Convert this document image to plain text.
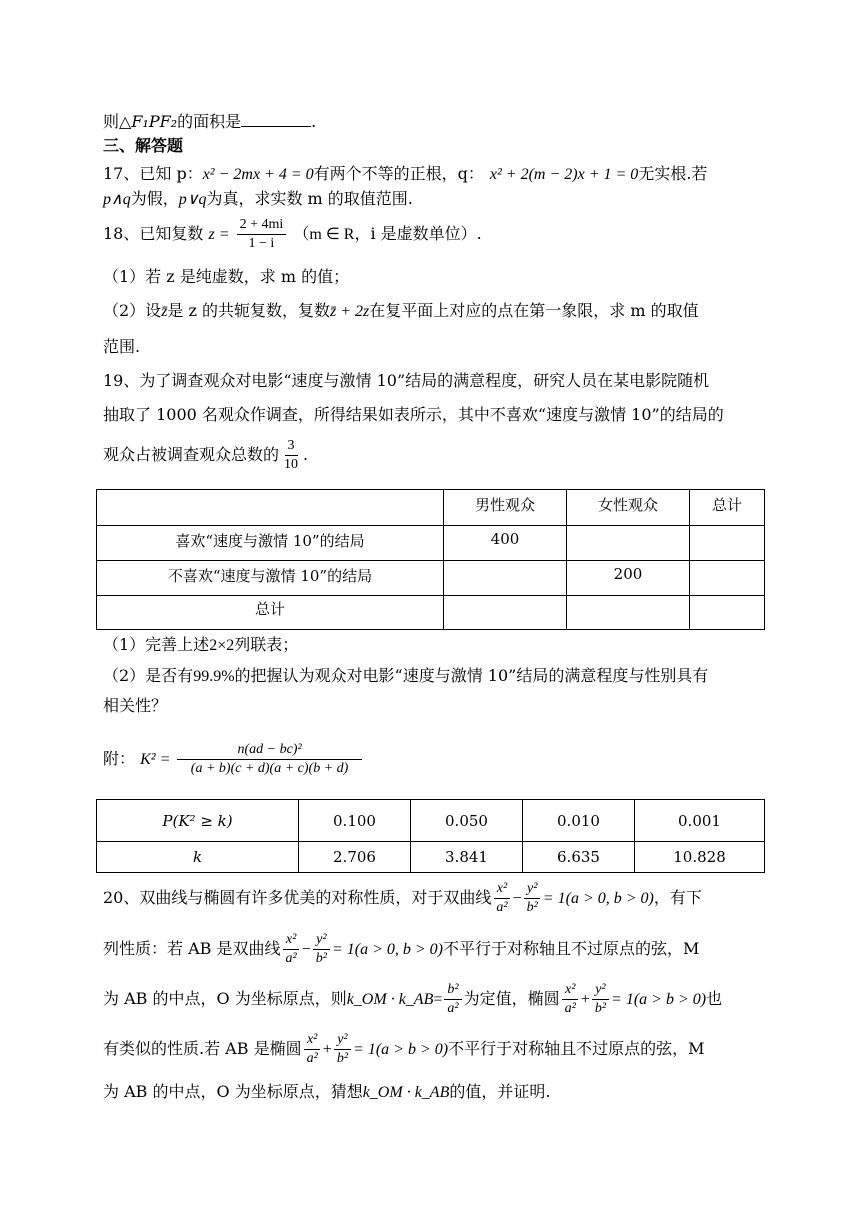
则△F₁PF₂的面积是	.
三、解答题
17、已知 p：x² − 2mx + 4 = 0有两个不等的正根，q： x² + 2(m − 2)x + 1 = 0无实根.若
p∧q为假，p∨q为真，求实数 m 的取值范围.
18、已知复数 $z = \frac{2 + 4mi}{1 - i} (m$ ∈ R，i 是虚数单位）.
（1）若 z 是纯虚数，求 m 的值；
（2）设z̄是 z 的共轭复数，复数z̄ + 2z在复平面上对应的点在第一象限，求 m 的取值
范围.
19、为了调查观众对电影“速度与激情 10”结局的满意程度，研究人员在某电影院随机
抽取了 1000 名观众作调查，所得结果如表所示，其中不喜欢“速度与激情 10”的结局的
观众占被调查观众总数的 $\frac{3}{10}$ .
	男性观众	女性观众	总计
喜欢“速度与激情 10”的结局	400		
不喜欢“速度与激情 10”的结局		200	
总计			
（1）完善上述2×2列联表；
（2）是否有99.9%的把握认为观众对电影“速度与激情 10”结局的满意程度与性别具有
相关性？
附： $K^2 = \frac{\text{n(ad − bc)²}}{(a + b)(c + d)(a + c)(b + d)}$
P(K² ≥ k)	0.100	0.050	0.010	0.001
k	2.706	3.841	6.635	10.828
20、双曲线与椭圆有许多优美的对称性质，对于双曲线 $\frac{\text{x²}}{\text{a²}} - \frac{\text{y²}}{\text{b²}} = 1(a > 0$, b > 0)，有下
列性质：若 AB 是双曲线 $\frac{\text{x²}}{\text{a²}} - \frac{\text{y²}}{\text{b²}} = 1(a > 0$, b > 0)不平行于对称轴且不过原点的弦，M
为 AB 的中点，O 为坐标原点，则k_OM · k_AB= $\frac{\text{b²}}{\text{a²}}$ 为定值，椭圆 $\frac{\text{x²}}{\text{a²}} + \frac{\text{y²}}{\text{b²}} = 1(a > b > 0)$也
有类似的性质.若 AB 是椭圆 $\frac{\text{x²}}{\text{a²}} + \frac{\text{y²}}{\text{b²}} = 1(a > b > 0)$不平行于对称轴且不过原点的弦，M
为 AB 的中点，O 为坐标原点，猜想k_OM · k_AB的值，并证明.
